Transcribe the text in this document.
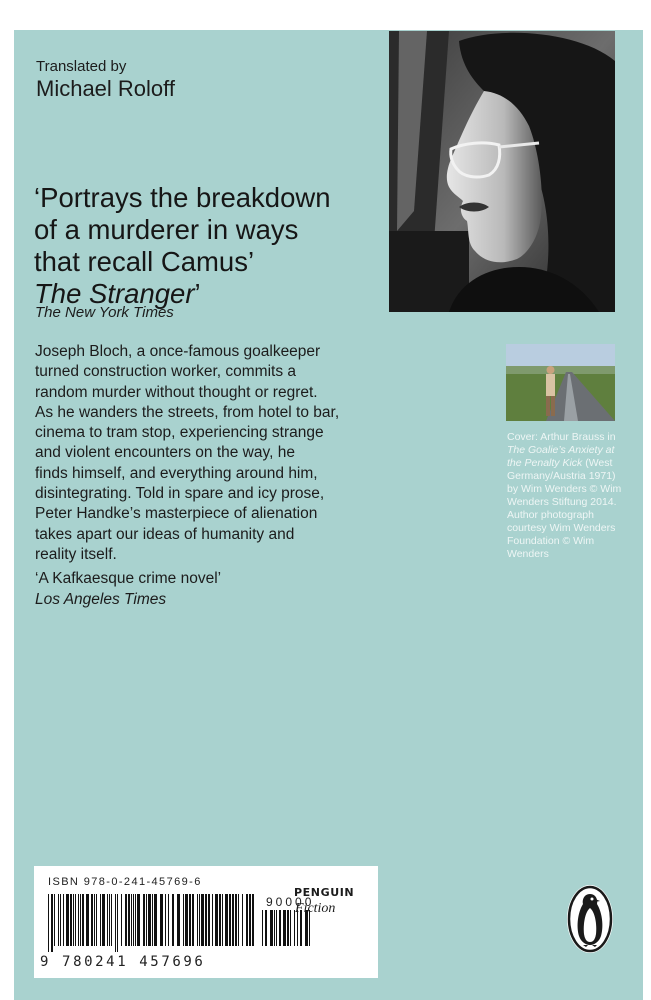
Translated by
Michael Roloff
‘Portrays the breakdown
of a murderer in ways
that recall Camus’
The Stranger’
The New York Times
Joseph Bloch, a once-famous goalkeeper
turned construction worker, commits a
random murder without thought or regret.
As he wanders the streets, from hotel to bar,
cinema to tram stop, experiencing strange
and violent encounters on the way, he
finds himself, and everything around him,
disintegrating. Told in spare and icy prose,
Peter Handke’s masterpiece of alienation
takes apart our ideas of humanity and
reality itself.
‘A Kafkaesque crime novel’
Los Angeles Times
Cover: Arthur Brauss in
The Goalie’s Anxiety at
the Penalty Kick (West
Germany/Austria 1971)
by Wim Wenders © Wim
Wenders Stiftung 2014.
Author photograph
courtesy Wim Wenders
Foundation © Wim
Wenders
ISBN 978-0-241-45769-6
90000
9 780241 457696
PENGUIN
Fiction
